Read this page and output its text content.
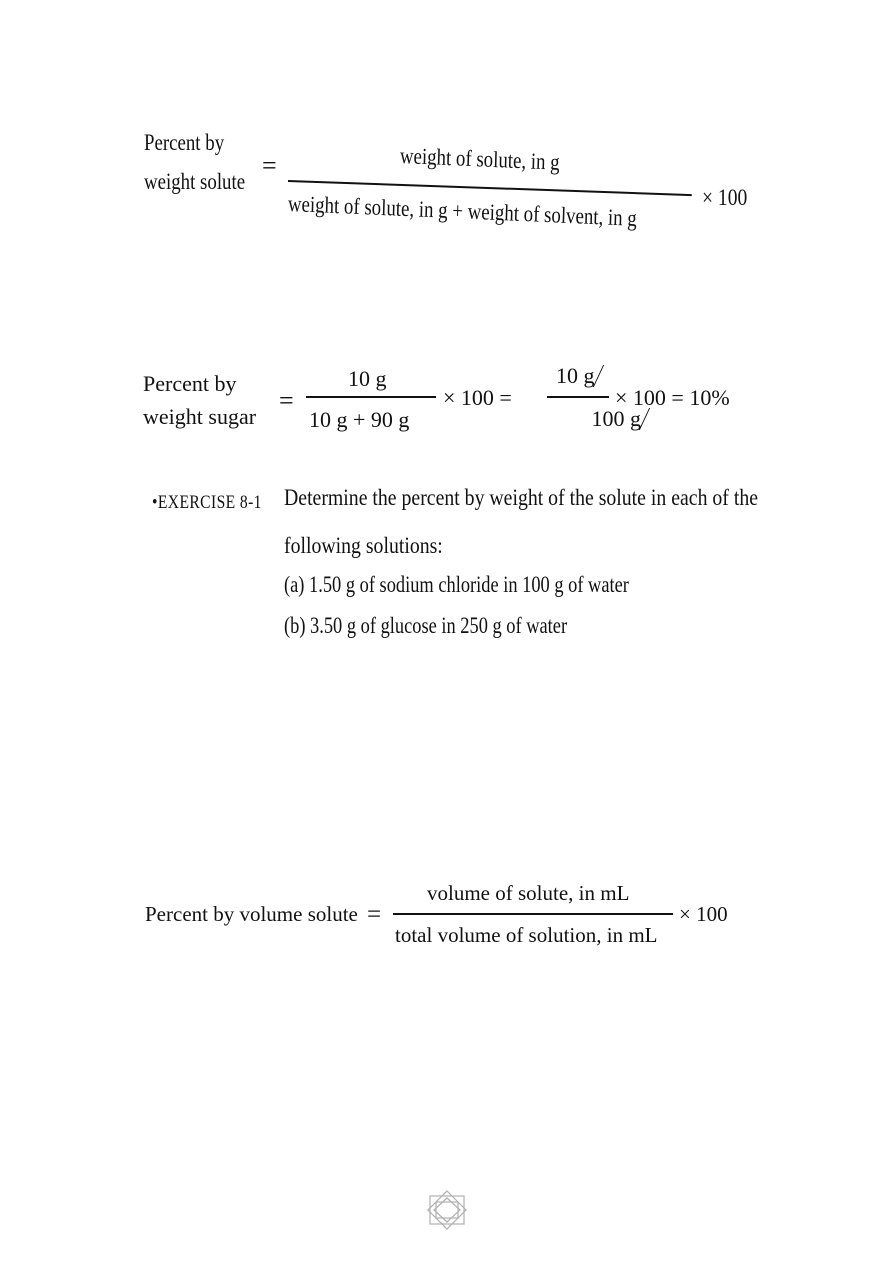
Percent by
weight solute
=	weight of solute, in g
weight of solute, in g + weight of solvent, in g	× 100
Percent by
weight sugar
=
10 g
10 g + 90 g
× 100 =
10 g
100 g
× 100 = 10%
•EXERCISE 8-1 Determine the percent by weight of the solute in each of the
following solutions:
(a) 1.50 g of sodium chloride in 100 g of water
(b) 3.50 g of glucose in 250 g of water
Percent by volume solute =
volume of solute, in mL
total volume of solution, in mL
× 100
